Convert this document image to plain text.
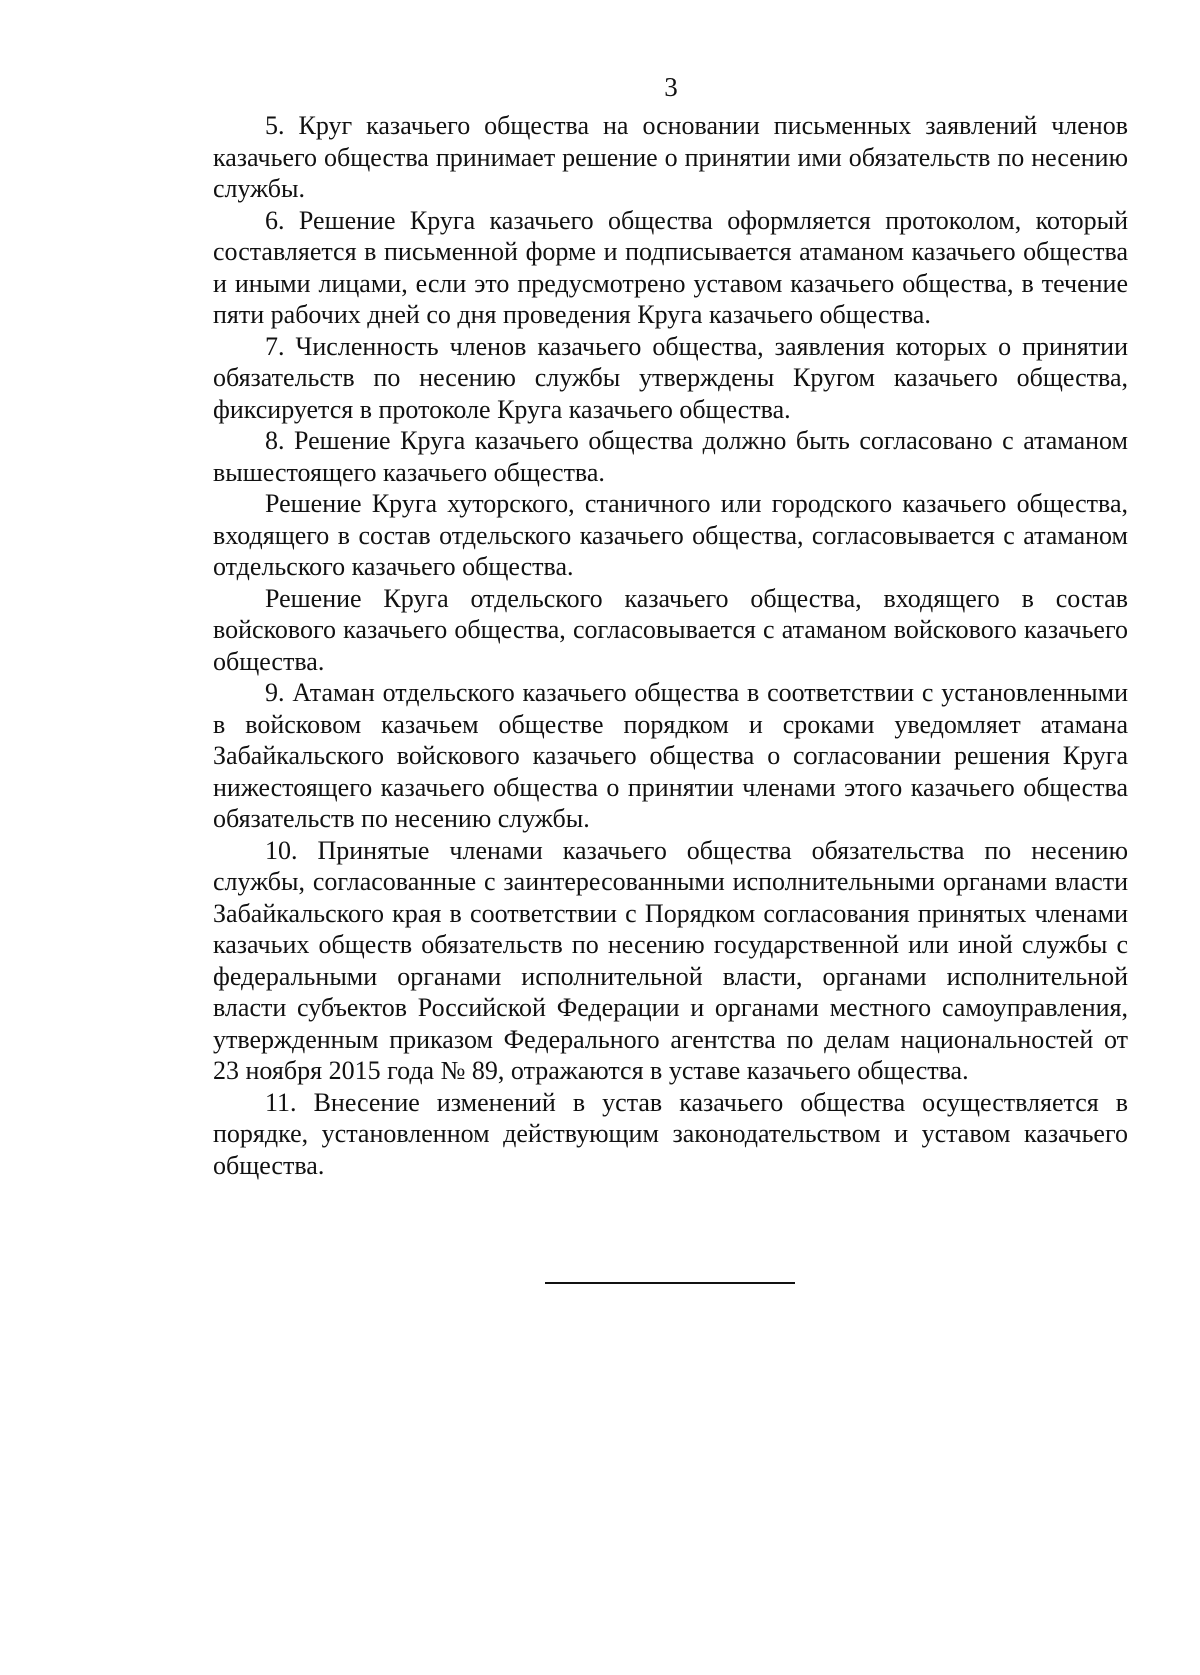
3

5. Круг казачьего общества на основании письменных заявлений членов казачьего общества принимает решение о принятии ими обязательств по несению службы.

6. Решение Круга казачьего общества оформляется протоколом, который составляется в письменной форме и подписывается атаманом казачьего общества и иными лицами, если это предусмотрено уставом казачьего общества, в течение пяти рабочих дней со дня проведения Круга казачьего общества.

7. Численность членов казачьего общества, заявления которых о принятии обязательств по несению службы утверждены Кругом казачьего общества, фиксируется в протоколе Круга казачьего общества.

8. Решение Круга казачьего общества должно быть согласовано с атаманом вышестоящего казачьего общества.

Решение Круга хуторского, станичного или городского казачьего общества, входящего в состав отдельского казачьего общества, согласовывается с атаманом отдельского казачьего общества.

Решение Круга отдельского казачьего общества, входящего в состав войскового казачьего общества, согласовывается с атаманом войскового казачьего общества.

9. Атаман отдельского казачьего общества в соответствии с установленными в войсковом казачьем обществе порядком и сроками уведомляет атамана Забайкальского войскового казачьего общества о согласовании решения Круга нижестоящего казачьего общества о принятии членами этого казачьего общества обязательств по несению службы.

10. Принятые членами казачьего общества обязательства по несению службы, согласованные с заинтересованными исполнительными органами власти Забайкальского края в соответствии с Порядком согласования принятых членами казачьих обществ обязательств по несению государственной или иной службы с федеральными органами исполнительной власти, органами исполнительной власти субъектов Российской Федерации и органами местного самоуправления, утвержденным приказом Федерального агентства по делам национальностей от 23 ноября 2015 года № 89, отражаются в уставе казачьего общества.

11. Внесение изменений в устав казачьего общества осуществляется в порядке, установленном действующим законодательством и уставом казачьего общества.
